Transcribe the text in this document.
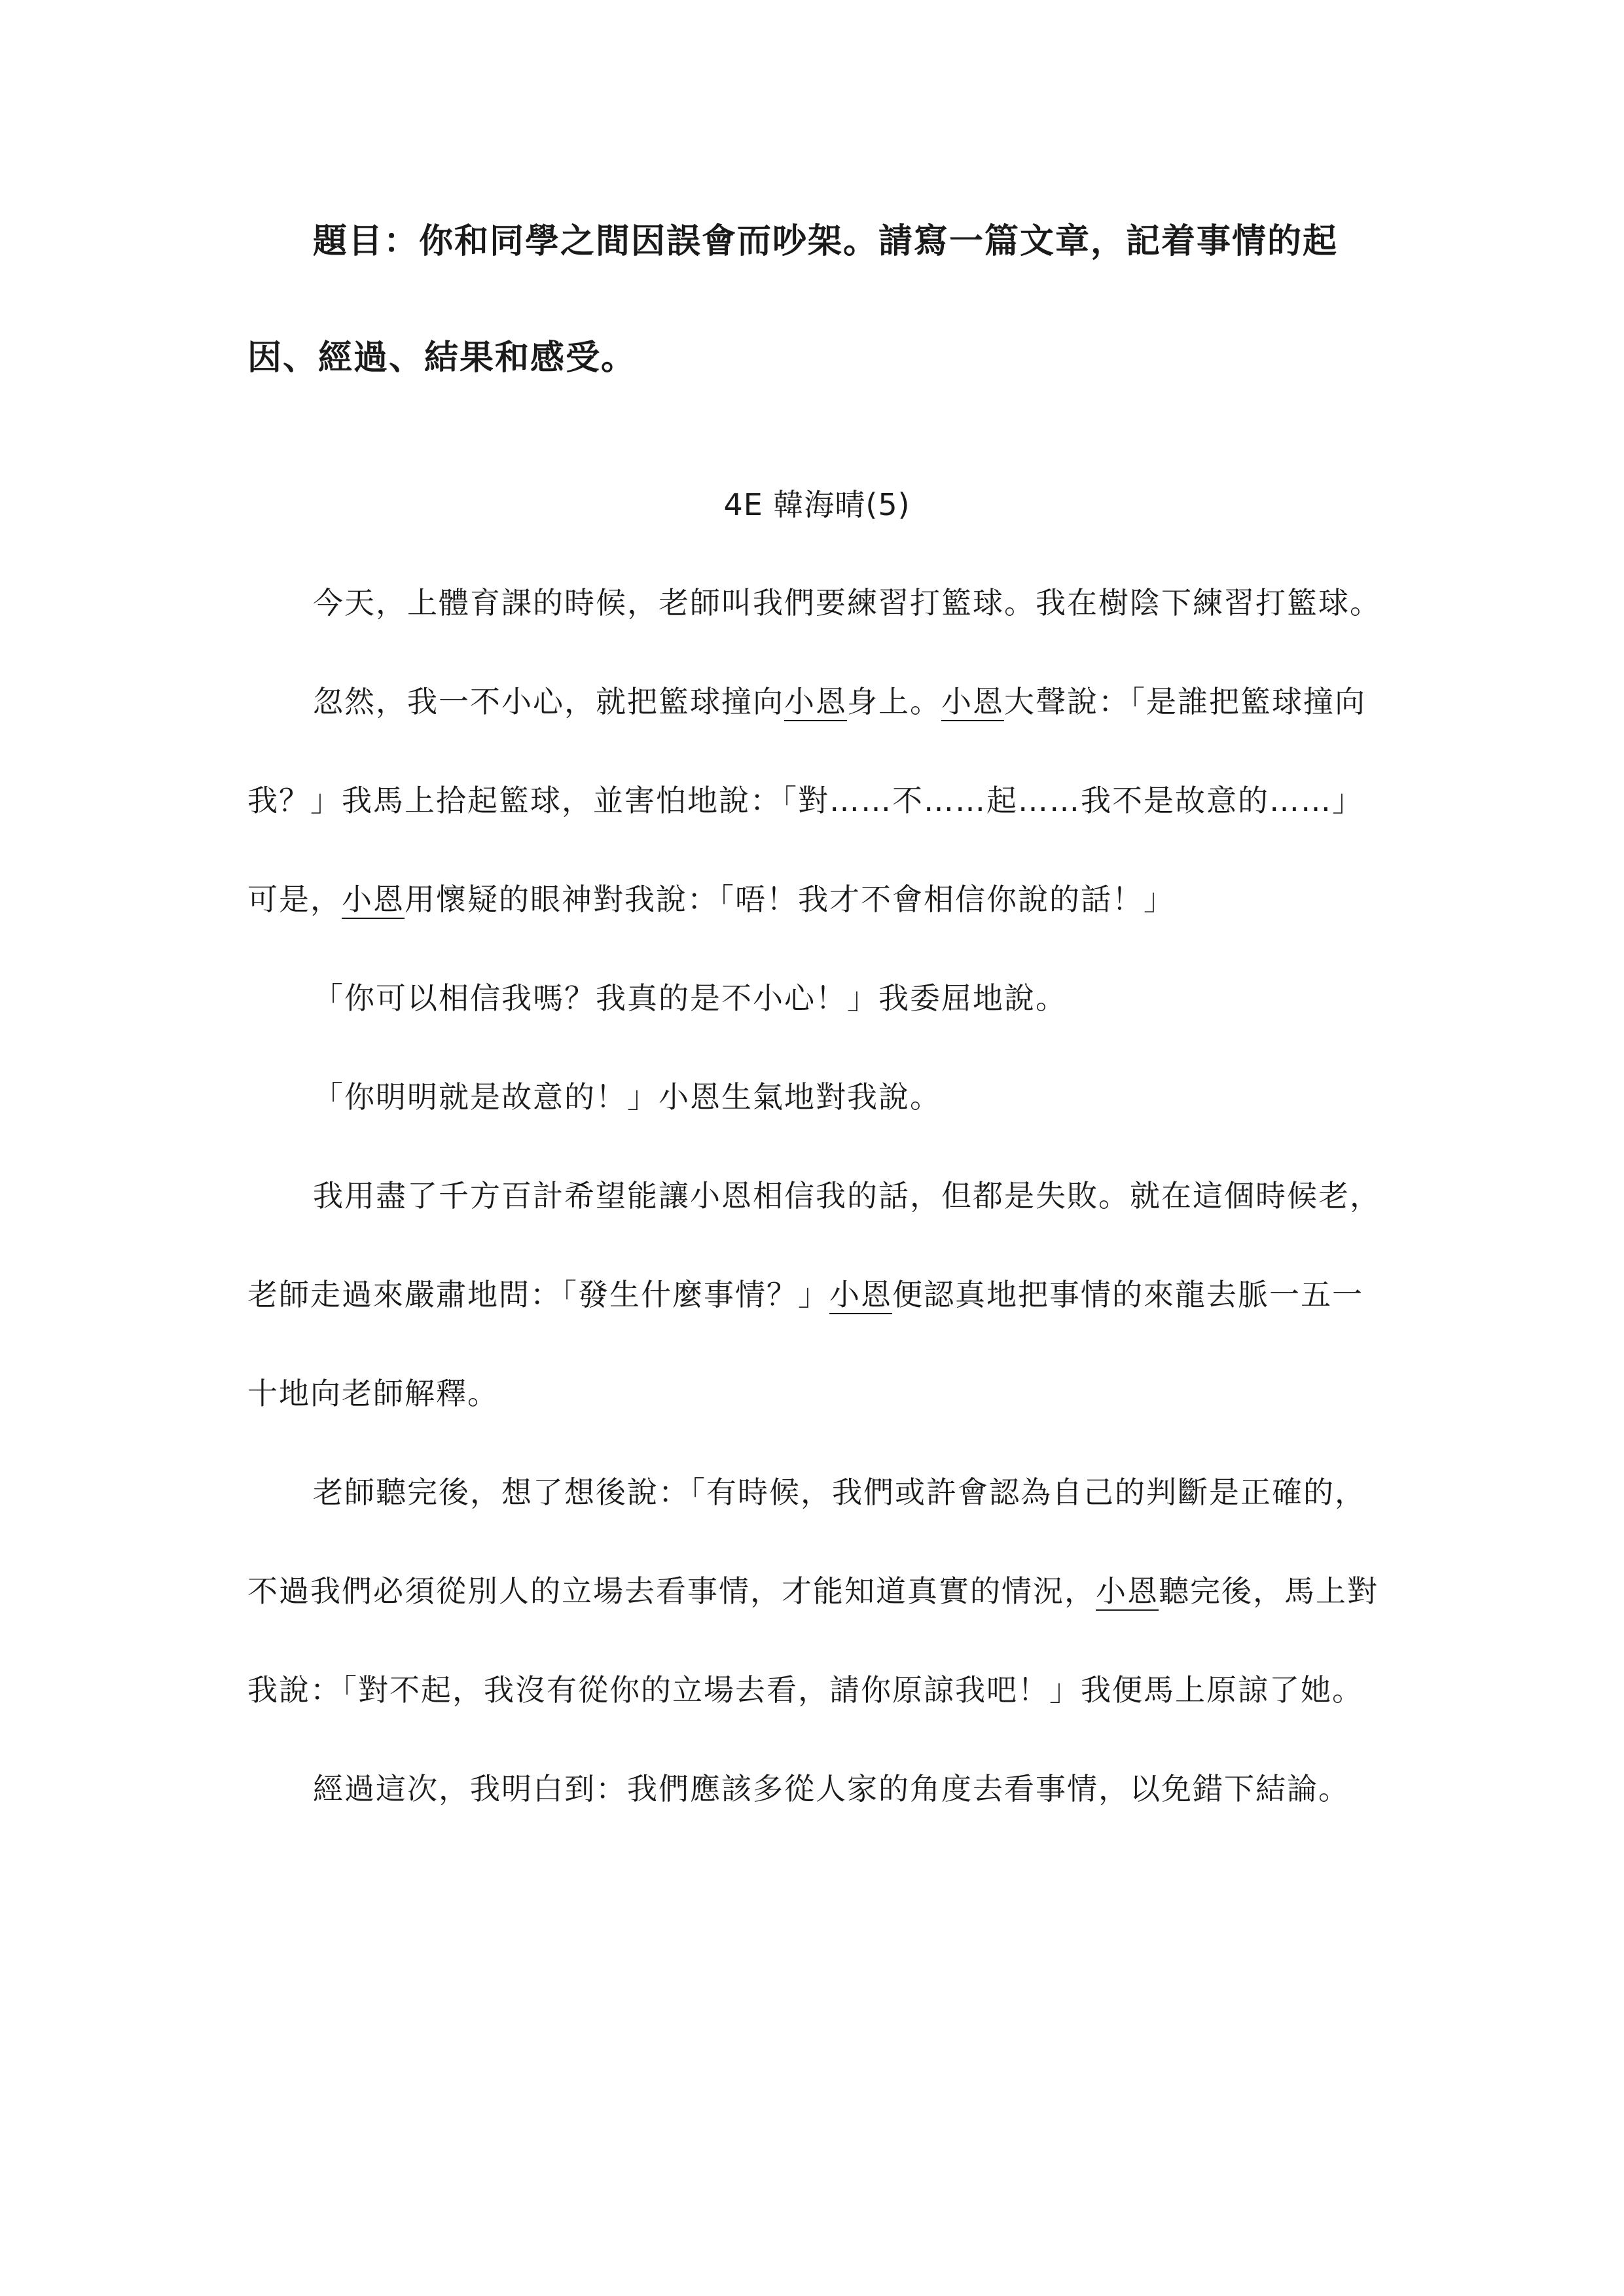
題目：你和同學之間因誤會而吵架。請寫一篇文章，記着事情的起因、經過、結果和感受。

4E 韓海晴(5)

今天，上體育課的時候，老師叫我們要練習打籃球。我在樹陰下練習打籃球。

忽然，我一不小心，就把籃球撞向小恩身上。小恩大聲說：「是誰把籃球撞向我？」我馬上拾起籃球，並害怕地說：「對……不……起……我不是故意的……」可是，小恩用懷疑的眼神對我說：「唔！我才不會相信你說的話！」

「你可以相信我嗎？我真的是不小心！」我委屈地說。

「你明明就是故意的！」小恩生氣地對我說。

我用盡了千方百計希望能讓小恩相信我的話，但都是失敗。就在這個時候老，老師走過來嚴肅地問：「發生什麼事情？」小恩便認真地把事情的來龍去脈一五一十地向老師解釋。

老師聽完後，想了想後說：「有時候，我們或許會認為自己的判斷是正確的，不過我們必須從別人的立場去看事情，才能知道真實的情況，小恩聽完後，馬上對我說：「對不起，我沒有從你的立場去看，請你原諒我吧！」我便馬上原諒了她。

經過這次，我明白到：我們應該多從人家的角度去看事情，以免錯下結論。
